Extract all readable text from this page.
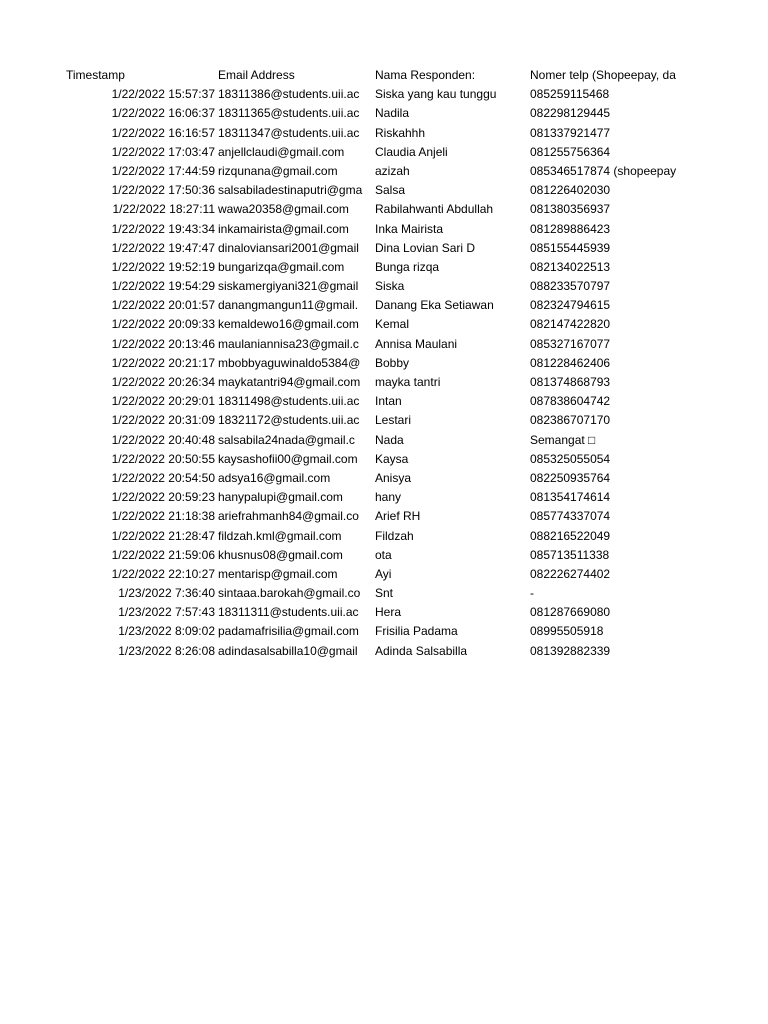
Timestamp	Email Address	Nama Responden:	Nomer telp (Shopeepay, da
1/22/2022 15:57:37 18311386@students.uii.ac	Siska yang kau tunggu	085259115468
1/22/2022 16:06:37 18311365@students.uii.ac	Nadila	082298129445
1/22/2022 16:16:57 18311347@students.uii.ac	Riskahhh	081337921477
1/22/2022 17:03:47 anjellclaudi@gmail.com	Claudia Anjeli	081255756364
1/22/2022 17:44:59 rizqunana@gmail.com	azizah	085346517874 (shopeepay
1/22/2022 17:50:36 salsabiladestinaputri@gma	Salsa	081226402030
1/22/2022 18:27:11 wawa20358@gmail.com	Rabilahwanti Abdullah	081380356937
1/22/2022 19:43:34 inkamairista@gmail.com	Inka Mairista	081289886423
1/22/2022 19:47:47 dinaloviansari2001@gmail	Dina Lovian Sari D	085155445939
1/22/2022 19:52:19 bungarizqa@gmail.com	Bunga rizqa	082134022513
1/22/2022 19:54:29 siskamergiyani321@gmail	Siska	088233570797
1/22/2022 20:01:57 danangmangun11@gmail.	Danang Eka Setiawan	082324794615
1/22/2022 20:09:33 kemaldewo16@gmail.com	Kemal	082147422820
1/22/2022 20:13:46 maulaniannisa23@gmail.c	Annisa Maulani	085327167077
1/22/2022 20:21:17 mbobbyaguwinaldo5384@	Bobby	081228462406
1/22/2022 20:26:34 maykatantri94@gmail.com	mayka tantri	081374868793
1/22/2022 20:29:01 18311498@students.uii.ac	Intan	087838604742
1/22/2022 20:31:09 18321172@students.uii.ac	Lestari	082386707170
1/22/2022 20:40:48 salsabila24nada@gmail.c	Nada	Semangat □
1/22/2022 20:50:55 kaysashofii00@gmail.com	Kaysa	085325055054
1/22/2022 20:54:50 adsya16@gmail.com	Anisya	082250935764
1/22/2022 20:59:23 hanypalupi@gmail.com	hany	081354174614
1/22/2022 21:18:38 ariefrahmanh84@gmail.co	Arief RH	085774337074
1/22/2022 21:28:47 fildzah.kml@gmail.com	Fildzah	088216522049
1/22/2022 21:59:06 khusnus08@gmail.com	ota	085713511338
1/22/2022 22:10:27 mentarisp@gmail.com	Ayi	082226274402
1/23/2022 7:36:40 sintaaa.barokah@gmail.co	Snt	-
1/23/2022 7:57:43 18311311@students.uii.ac	Hera	081287669080
1/23/2022 8:09:02 padamafrisilia@gmail.com	Frisilia Padama	08995505918
1/23/2022 8:26:08 adindasalsabilla10@gmail	Adinda Salsabilla	081392882339
